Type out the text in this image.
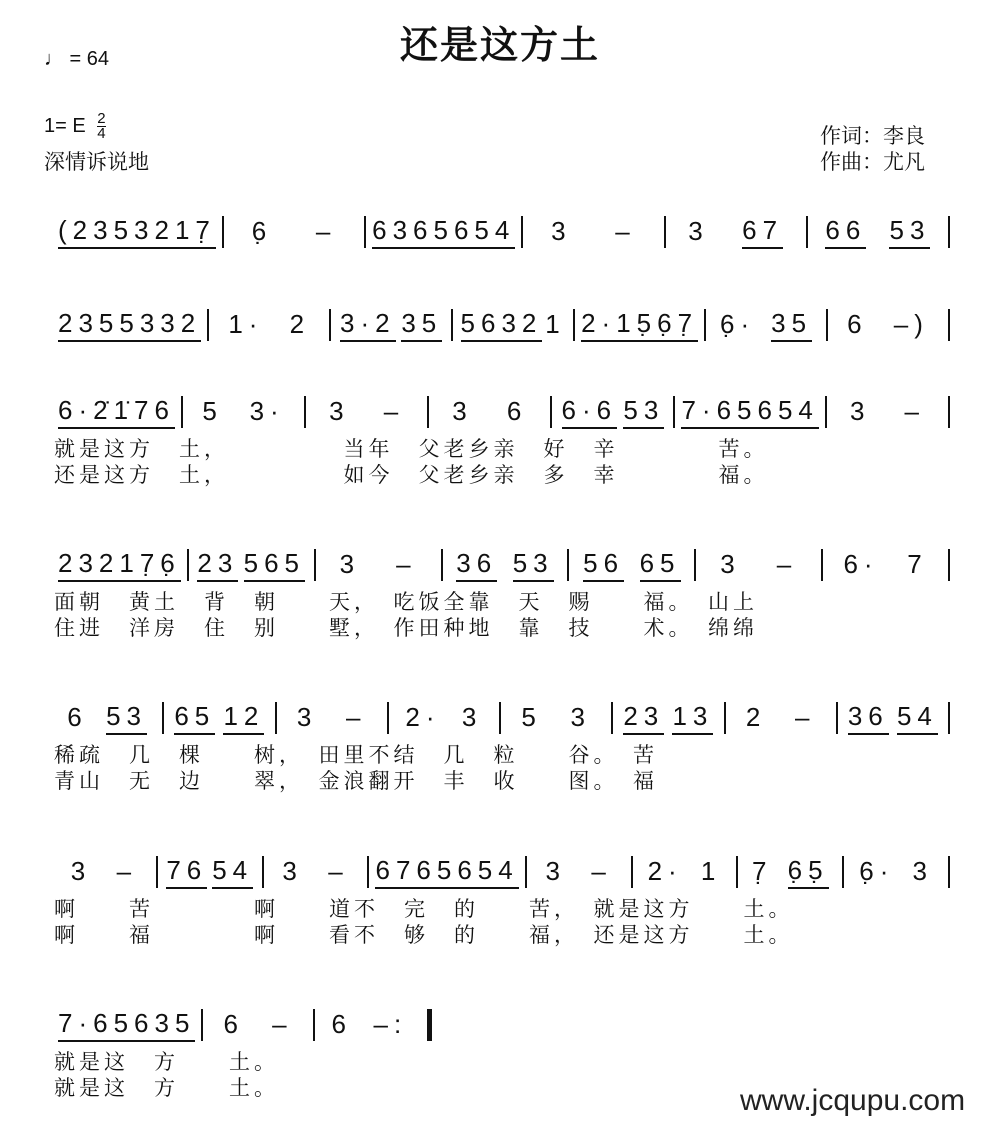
还是这方土
♩ = 64
1= E $\frac{2}{4}$
深情诉说地
作词：李良
作曲：尤凡
(235 3217̣ 6̣ – 636 5654 3 – 3 67 66 53
235 5332 1· 2 3·2 35 5632 1 2·1 5̣6̣7̣ 6̣· 35 6 –)
6·2̇ 1̇76 5 3· 3 – 3 6 6·6 53 7·6 5654 3 –
232 17̣6̣ 23 565 3 – 36 53 56 65 3 – 6· 7
6 53 65 12 3 – 2· 3 5 3 23 13 2 – 36 54
3 – 76 54 3 – 676 5654 3 – 2· 1 7̣ 6̣5̣ 6̣· 3
7·6 5635 6 – 6 –:
www.jcqupu.com
就是这方　土，　　　　　当年　父老乡亲　好　辛　　　　苦。
还是这方　土，　　　　　如今　父老乡亲　多　幸　　　　福。
面朝　黄土　背　朝　　天，　吃饭全靠　天　赐　　福。　山上
住进　洋房　住　别　　墅，　作田种地　靠　技　　术。　绵绵
稀疏　几　棵　　树，　田里不结　几　粒　　谷。　苦
青山　无　边　　翠，　金浪翻开　丰　收　　图。　福
啊　　苦　　　　啊　　道不　完　的　　苦，　就是这方　　土。
啊　　福　　　　啊　　看不　够　的　　福，　还是这方　　土。
就是这　方　　土。
就是这　方　　土。
